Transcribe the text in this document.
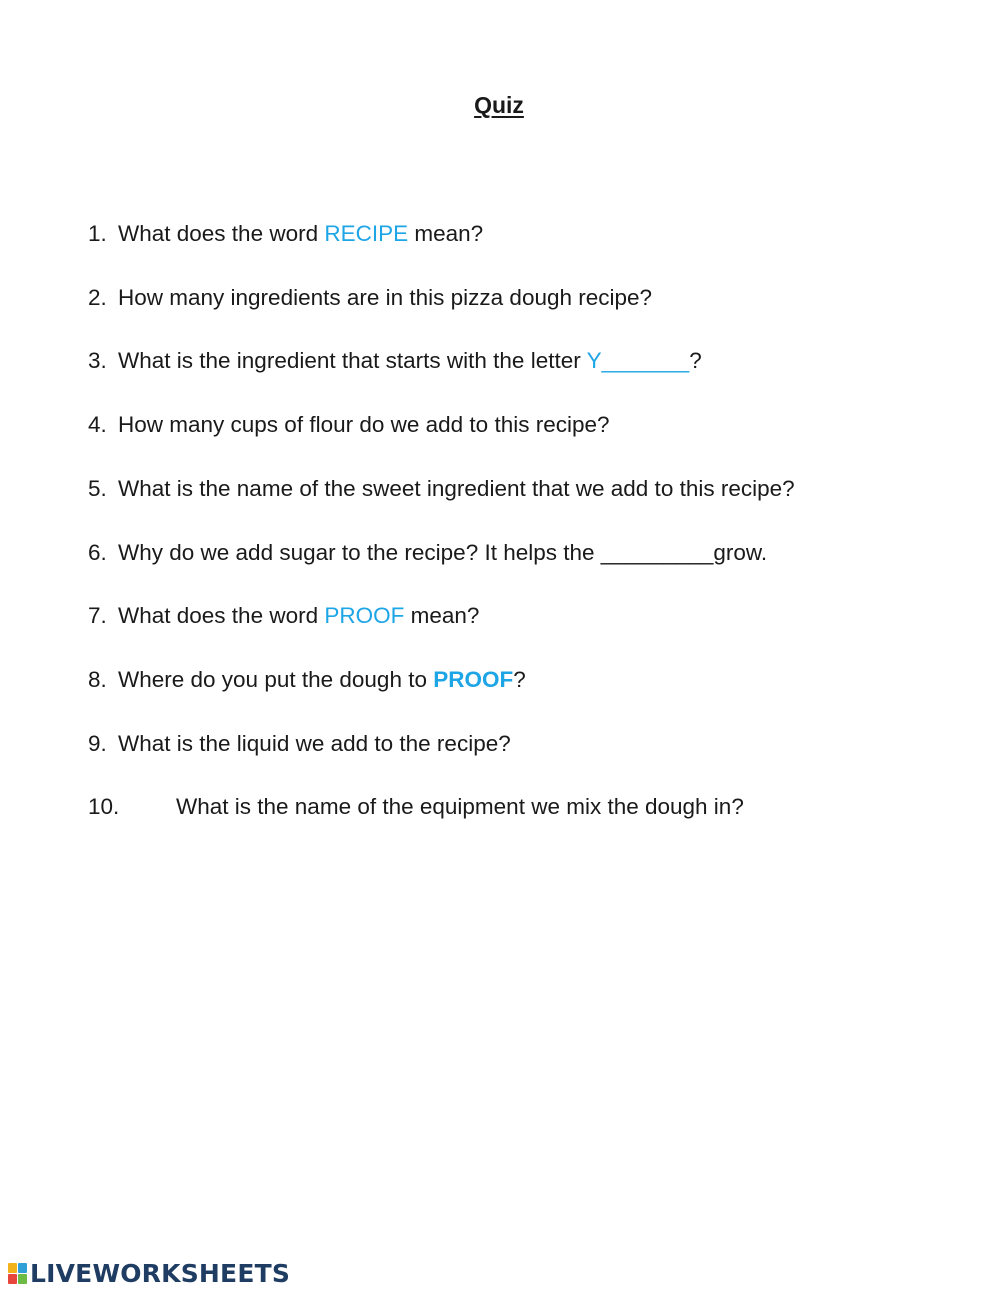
Quiz
1. What does the word RECIPE mean?
2. How many ingredients are in this pizza dough recipe?
3. What is the ingredient that starts with the letter Y_______?
4. How many cups of flour do we add to this recipe?
5. What is the name of the sweet ingredient that we add to this recipe?
6. Why do we add sugar to the recipe? It helps the _________grow.
7. What does the word PROOF mean?
8. Where do you put the dough to PROOF?
9. What is the liquid we add to the recipe?
10.	What is the name of the equipment we mix the dough in?
LIVEWORKSHEETS
